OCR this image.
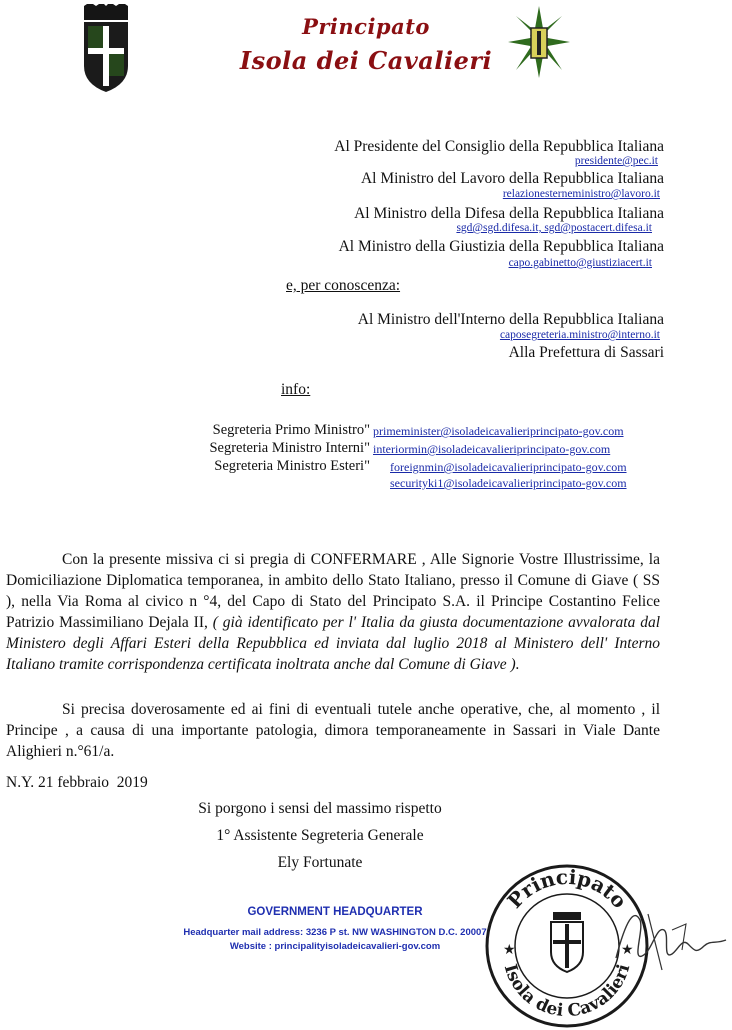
Principato
Isola dei Cavalieri
Al Presidente del Consiglio della Repubblica Italiana
presidente@pec.it
Al Ministro del Lavoro della Repubblica Italiana
relazionesterneministro@lavoro.it
Al Ministro della Difesa della Repubblica Italiana
sgd@sgd.difesa.it, sgd@postacert.difesa.it
Al Ministro della Giustizia della Repubblica Italiana
capo.gabinetto@giustiziacert.it
e, per conoscenza:
Al Ministro dell'Interno della Repubblica Italiana
caposegreteria.ministro@interno.it
Alla Prefettura di Sassari
info:
Segreteria Primo Ministro" primeminister@isoladeicavalieriprincipato-gov.com
Segreteria Ministro Interni" interiormin@isoladeicavalieriprincipato-gov.com
Segreteria Ministro Esteri" foreignmin@isoladeicavalieriprincipato-gov.com
securityki1@isoladeicavalieriprincipato-gov.com
Con la presente missiva ci si pregia di CONFERMARE , Alle Signorie Vostre Illustrissime, la Domiciliazione Diplomatica temporanea, in ambito dello Stato Italiano, presso il Comune di Giave ( SS ), nella Via Roma al civico n °4, del Capo di Stato del Principato S.A. il Principe Costantino Felice Patrizio Massimiliano Dejala II, ( già identificato per l' Italia da giusta documentazione avvalorata dal Ministero degli Affari Esteri della Repubblica ed inviata dal luglio 2018 al Ministero dell' Interno Italiano tramite corrispondenza certificata inoltrata anche dal Comune di Giave ).
Si precisa doverosamente ed ai fini di eventuali tutele anche operative, che, al momento , il Principe , a causa di una importante patologia, dimora temporaneamente in Sassari in Viale Dante Alighieri n.°61/a.
N.Y. 21 febbraio  2019
Si porgono i sensi del massimo rispetto
1° Assistente Segreteria Generale
Ely Fortunate
GOVERNMENT HEADQUARTER
Headquarter mail address: 3236 P st. NW WASHINGTON D.C. 20007
Website : principalityisoladeicavalieri-gov.com
Principato
Isola dei Cavalieri
★	★
